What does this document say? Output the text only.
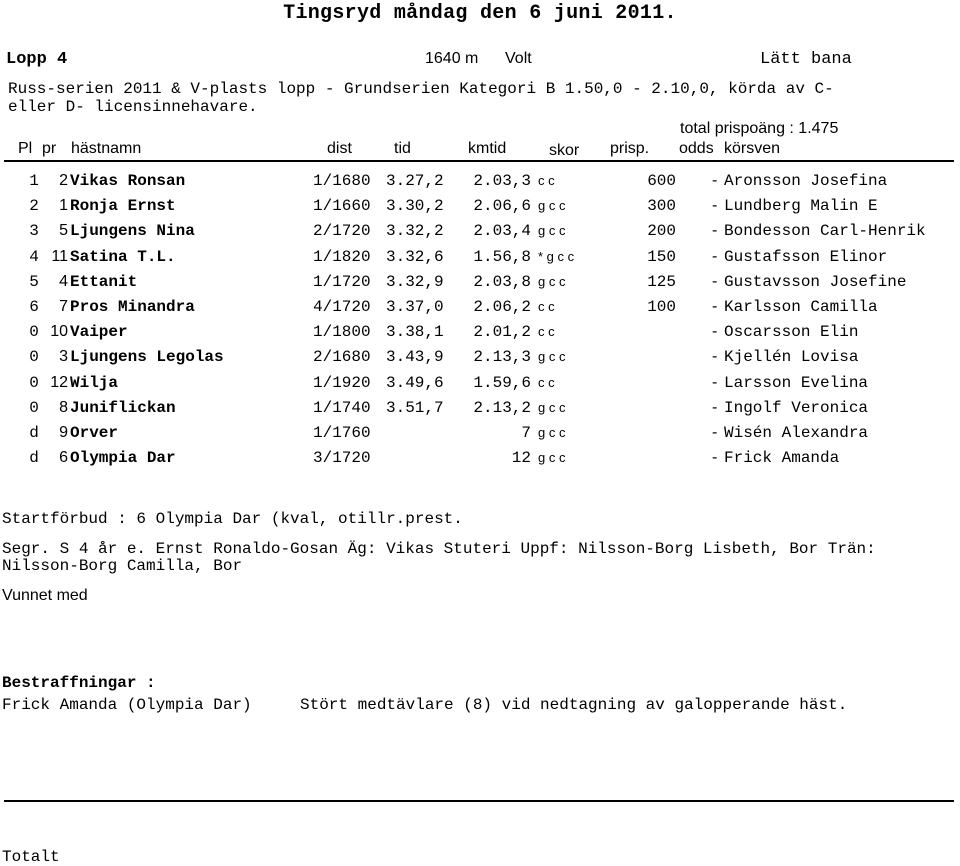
Tingsryd måndag den 6 juni 2011.
Lopp 4	1640 m Volt	Lätt bana
Russ-serien 2011 & V-plasts lopp - Grundserien Kategori B 1.50,0 - 2.10,0, körda av C-
eller D- licensinnehavare.
total prispoäng : 1.475
Pl pr hästnamn	dist	tid	kmtid	skor prisp. odds körsven
1	2 Vikas Ronsan	1/1680 3.27,2	2.03,3 c c	600 - Aronsson Josefina
2	1 Ronja Ernst	1/1660 3.30,2	2.06,6 g c c	300 - Lundberg Malin E
3	5 Ljungens Nina	2/1720 3.32,2	2.03,4 g c c	200 - Bondesson Carl-Henrik
4 11 Satina T.L.	1/1820 3.32,6	1.56,8 * g c c	150 - Gustafsson Elinor
5	4 Ettanit	1/1720 3.32,9	2.03,8 g c c	125 - Gustavsson Josefine
6	7 Pros Minandra	4/1720 3.37,0	2.06,2 c c	100 - Karlsson Camilla
0 10 Vaiper	1/1800 3.38,1	2.01,2 c c	- Oscarsson Elin
0	3 Ljungens Legolas	2/1680 3.43,9	2.13,3 g c c	- Kjellén Lovisa
0 12 Wilja	1/1920 3.49,6	1.59,6 c c	- Larsson Evelina
0	8 Juniflickan	1/1740 3.51,7	2.13,2 g c c	- Ingolf Veronica
d	9 Orver	1/1760	7 g c c	- Wisén Alexandra
d	6 Olympia Dar	3/1720	12 g c c	- Frick Amanda
Startförbud : 6 Olympia Dar (kval, otillr.prest.
Segr. S 4 år e. Ernst Ronaldo-Gosan Äg: Vikas Stuteri Uppf: Nilsson-Borg Lisbeth, Bor Trän:
Nilsson-Borg Camilla, Bor
Vunnet med
Bestraffningar :
Frick Amanda (Olympia Dar)	Stört medtävlare (8) vid nedtagning av galopperande häst.
Totalt
